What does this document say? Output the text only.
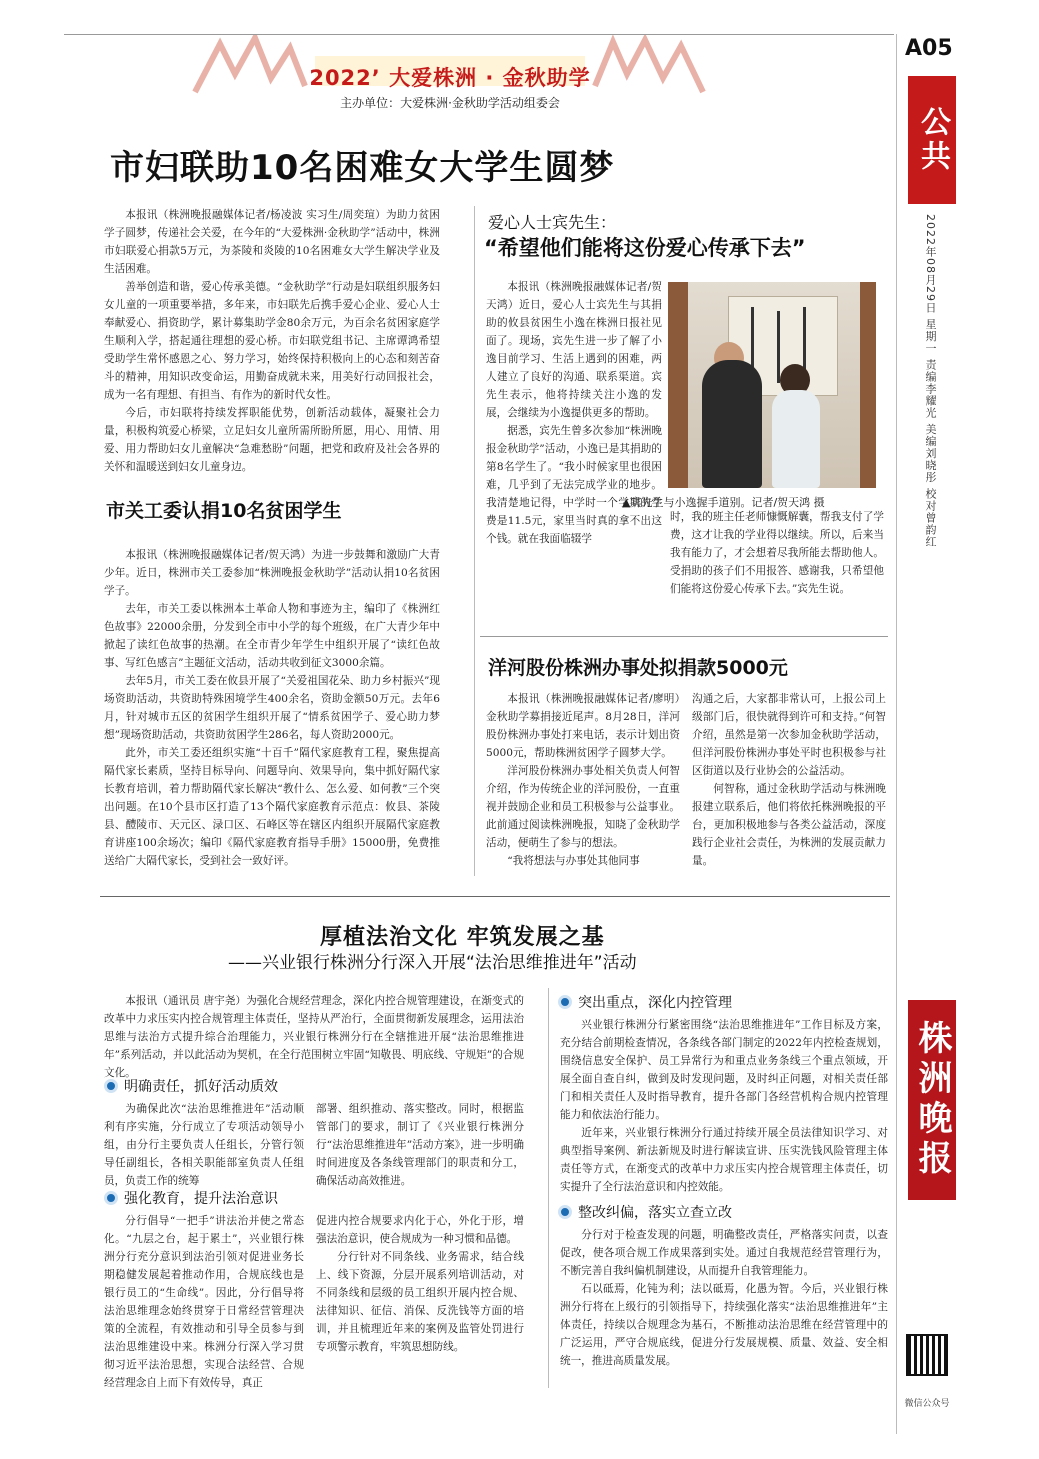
2022’ 大爱株洲 · 金秋助学
主办单位：大爱株洲·金秋助学活动组委会
A05
公共
2022年08月29日 星期一 责编李耀光 美编刘晓彤 校对曾韵红
株洲晚报
微信公众号
市妇联助10名困难女大学生圆梦

本报讯（株洲晚报融媒体记者/杨凌波 实习生/周奕瑄）为助力贫困学子圆梦，传递社会关爱，在今年的“大爱株洲·金秋助学”活动中，株洲市妇联爱心捐款5万元，为茶陵和炎陵的10名困难女大学生解决学业及生活困难。

善举创造和谐，爱心传承美德。“金秋助学”行动是妇联组织服务妇女儿童的一项重要举措，多年来，市妇联先后携手爱心企业、爱心人士奉献爱心、捐资助学，累计募集助学金80余万元，为百余名贫困家庭学生顺利入学，搭起通往理想的爱心桥。市妇联党组书记、主席谭鸿希望受助学生常怀感恩之心、努力学习，始终保持积极向上的心态和刻苦奋斗的精神，用知识改变命运，用勤奋成就未来，用美好行动回报社会，成为一名有理想、有担当、有作为的新时代女性。

今后，市妇联将持续发挥职能优势，创新活动载体，凝聚社会力量，积极构筑爱心桥梁，立足妇女儿童所需所盼所愿，用心、用情、用爱、用力帮助妇女儿童解决“急难愁盼”问题，把党和政府及社会各界的关怀和温暖送到妇女儿童身边。

爱心人士宾先生：
“希望他们能将这份爱心传承下去”

本报讯（株洲晚报融媒体记者/贺天鸿）近日，爱心人士宾先生与其捐助的攸县贫困生小逸在株洲日报社见面了。现场，宾先生进一步了解了小逸目前学习、生活上遇到的困难，两人建立了良好的沟通、联系渠道。宾先生表示，他将持续关注小逸的发展，会继续为小逸提供更多的帮助。

据悉，宾先生曾多次参加“株洲晚报金秋助学”活动，小逸已是其捐助的第8名学生了。“我小时候家里也很困难，几乎到了无法完成学业的地步。我清楚地记得，中学时一个学期的学费是11.5元，家里当时真的拿不出这个钱。就在我面临辍学

时，我的班主任老师慷慨解囊，帮我支付了学费，这才让我的学业得以继续。所以，后来当我有能力了，才会想着尽我所能去帮助他人。受捐助的孩子们不用报答、感谢我，只希望他们能将这份爱心传承下去。”宾先生说。

▲宾先生与小逸握手道别。记者/贺天鸿 摄
市关工委认捐10名贫困学生

本报讯（株洲晚报融媒体记者/贺天鸿）为进一步鼓舞和激励广大青少年。近日，株洲市关工委参加“株洲晚报金秋助学”活动认捐10名贫困学子。

去年，市关工委以株洲本土革命人物和事迹为主，编印了《株洲红色故事》22000余册，分发到全市中小学的每个班级，在广大青少年中掀起了读红色故事的热潮。在全市青少年学生中组织开展了“读红色故事、写红色感言”主题征文活动，活动共收到征文3000余篇。

去年5月，市关工委在攸县开展了“关爱祖国花朵、助力乡村振兴”现场资助活动，共资助特殊困境学生400余名，资助金额50万元。去年6月，针对城市五区的贫困学生组织开展了“情系贫困学子、爱心助力梦想”现场资助活动，共资助贫困学生286名，每人资助2000元。

此外，市关工委还组织实施“十百千”隔代家庭教育工程，聚焦提高隔代家长素质，坚持目标导向、问题导向、效果导向，集中抓好隔代家长教育培训，着力帮助隔代家长解决“教什么、怎么爱、如何教”三个突出问题。在10个县市区打造了13个隔代家庭教育示范点：攸县、茶陵县、醴陵市、天元区、渌口区、石峰区等在辖区内组织开展隔代家庭教育讲座100余场次；编印《隔代家庭教育指导手册》15000册，免费推送给广大隔代家长，受到社会一致好评。

洋河股份株洲办事处拟捐款5000元

本报讯（株洲晚报融媒体记者/廖明）金秋助学募捐接近尾声。8月28日，洋河股份株洲办事处打来电话，表示计划出资5000元，帮助株洲贫困学子圆梦大学。

洋河股份株洲办事处相关负责人何智介绍，作为传统企业的洋河股份，一直重视并鼓励企业和员工积极参与公益事业。此前通过阅读株洲晚报，知晓了金秋助学活动，便萌生了参与的想法。

“我将想法与办事处其他同事

沟通之后，大家都非常认可，上报公司上级部门后，很快就得到许可和支持。”何智介绍，虽然是第一次参加金秋助学活动，但洋河股份株洲办事处平时也积极参与社区街道以及行业协会的公益活动。

何智称，通过金秋助学活动与株洲晚报建立联系后，他们将依托株洲晚报的平台，更加积极地参与各类公益活动，深度践行企业社会责任，为株洲的发展贡献力量。

厚植法治文化 牢筑发展之基
——兴业银行株洲分行深入开展“法治思维推进年”活动

本报讯（通讯员 唐宇尧）为强化合规经营理念，深化内控合规管理建设，在渐变式的改革中力求压实内控合规管理主体责任，坚持从严治行，全面贯彻新发展理念，运用法治思维与法治方式提升综合治理能力，兴业银行株洲分行在全辖推进开展“法治思维推进年”系列活动，并以此活动为契机，在全行范围树立牢固“知敬畏、明底线、守规矩”的合规文化。

明确责任，抓好活动质效

为确保此次“法治思维推进年”活动顺利有序实施，分行成立了专项活动领导小组，由分行主要负责人任组长，分管行领导任副组长，各相关职能部室负责人任组员，负责工作的统筹

部署、组织推动、落实整改。同时，根据监管部门的要求，制订了《兴业银行株洲分行“法治思维推进年”活动方案》，进一步明确时间进度及各条线管理部门的职责和分工，确保活动高效推进。

强化教育，提升法治意识

分行倡导“一把手”讲法治并使之常态化。“九层之台，起于累土”，兴业银行株洲分行充分意识到法治引领对促进业务长期稳健发展起着推动作用，合规底线也是银行员工的“生命线”。因此，分行倡导将法治思维理念始终贯穿于日常经营管理决策的全流程，有效推动和引导全员参与到法治思维建设中来。株洲分行深入学习贯彻习近平法治思想，实现合法经营、合规经营理念自上而下有效传导，真正

促进内控合规要求内化于心，外化于形，增强法治意识，使合规成为一种习惯和品德。

分行针对不同条线、业务需求，结合线上、线下资源，分层开展系列培训活动，对不同条线和层级的员工组织开展内控合规、法律知识、征信、消保、反洗钱等方面的培训，并且梳理近年来的案例及监管处罚进行专项警示教育，牢筑思想防线。

突出重点，深化内控管理

兴业银行株洲分行紧密围绕“法治思维推进年”工作目标及方案，充分结合前期检查情况，各条线各部门制定的2022年内控检查规划，围绕信息安全保护、员工异常行为和重点业务条线三个重点领域，开展全面自查自纠，做到及时发现问题，及时纠正问题，对相关责任部门和相关责任人及时指导教育，提升各部门各经营机构合规内控管理能力和依法治行能力。

近年来，兴业银行株洲分行通过持续开展全员法律知识学习、对典型指导案例、新法新规及时进行解读宣讲、压实洗钱风险管理主体责任等方式，在渐变式的改革中力求压实内控合规管理主体责任，切实提升了全行法治意识和内控效能。

整改纠偏，落实立查立改

分行对于检查发现的问题，明确整改责任，严格落实问责，以查促改，使各项合规工作成果落到实处。通过自我规范经营管理行为，不断完善自我纠偏机制建设，从而提升自我管理能力。

石以砥焉，化钝为利；法以砥焉，化愚为智。今后，兴业银行株洲分行将在上级行的引领指导下，持续强化落实“法治思维推进年”主体责任，持续以合规理念为基石，不断推动法治思维在经营管理中的广泛运用，严守合规底线，促进分行发展规模、质量、效益、安全相统一，推进高质量发展。
